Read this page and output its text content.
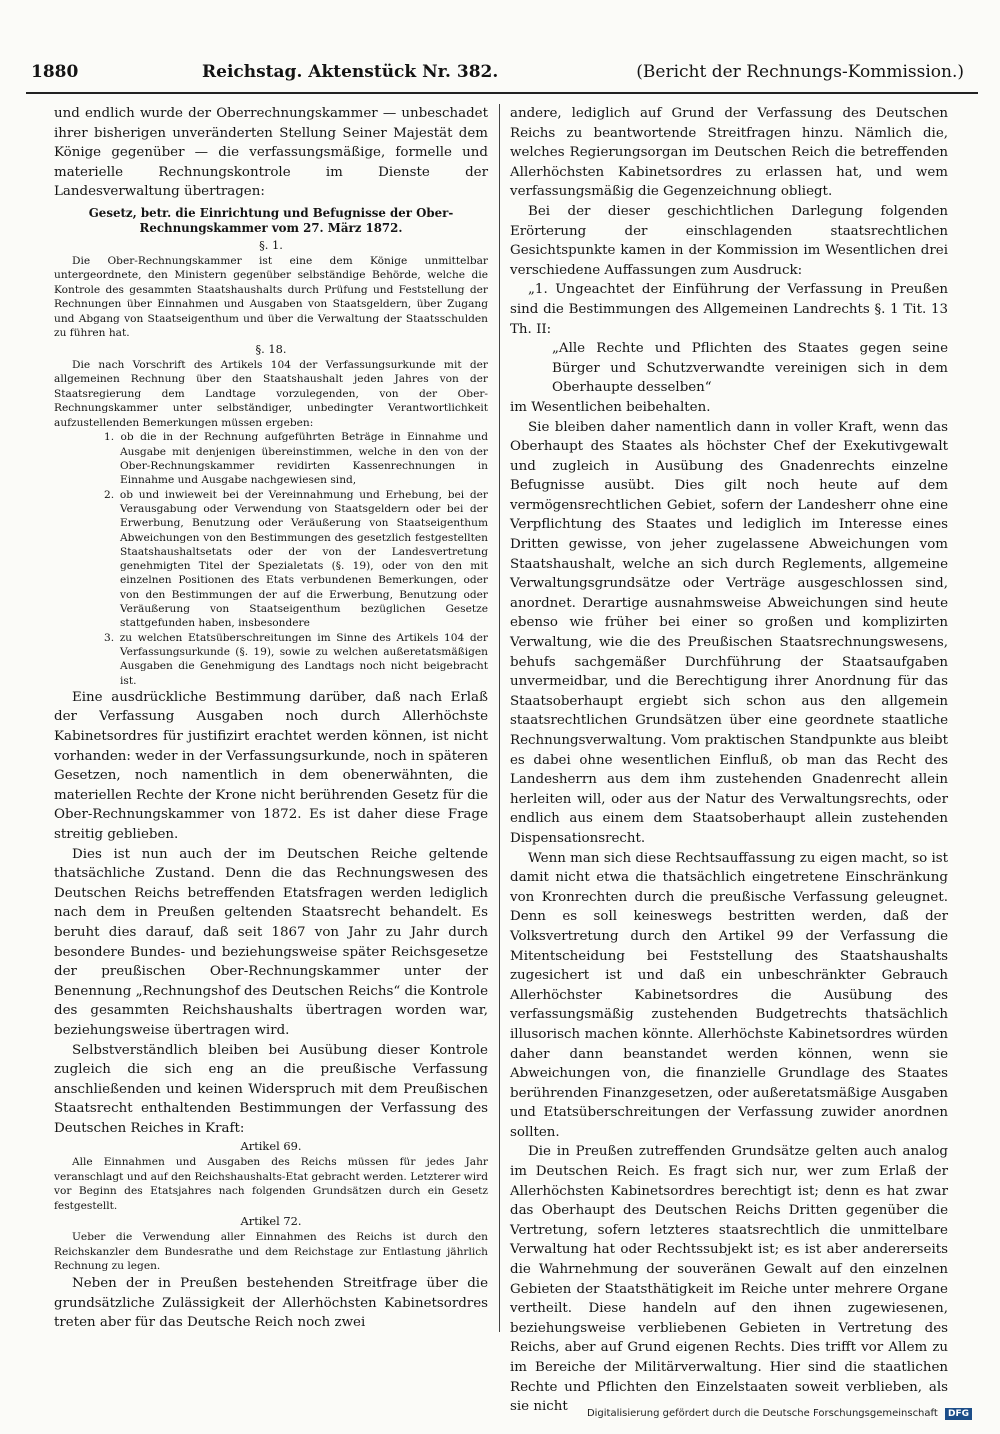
1880	Reichstag. Aktenstück Nr. 382.	(Bericht der Rechnungs-Kommission.)

und endlich wurde der Oberrechnungskammer — unbeschadet ihrer bisherigen unveränderten Stellung Seiner Majestät dem Könige gegenüber — die verfassungsmäßige, formelle und materielle Rechnungskontrole im Dienste der Landesverwaltung übertragen:

Gesetz, betr. die Einrichtung und Befugnisse der Ober-Rechnungskammer vom 27. März 1872.

§. 1.

Die Ober-Rechnungskammer ist eine dem Könige unmittelbar untergeordnete, den Ministern gegenüber selbständige Behörde, welche die Kontrole des gesammten Staatshaushalts durch Prüfung und Feststellung der Rechnungen über Einnahmen und Ausgaben von Staatsgeldern, über Zugang und Abgang von Staatseigenthum und über die Verwaltung der Staatsschulden zu führen hat.

§. 18.

Die nach Vorschrift des Artikels 104 der Verfassungsurkunde mit der allgemeinen Rechnung über den Staatshaushalt jeden Jahres von der Staatsregierung dem Landtage vorzulegenden, von der Ober-Rechnungskammer unter selbständiger, unbedingter Verantwortlichkeit aufzustellenden Bemerkungen müssen ergeben:

1. ob die in der Rechnung aufgeführten Beträge in Einnahme und Ausgabe mit denjenigen übereinstimmen, welche in den von der Ober-Rechnungskammer revidirten Kassenrechnungen in Einnahme und Ausgabe nachgewiesen sind,
2. ob und inwieweit bei der Vereinnahmung und Erhebung, bei der Verausgabung oder Verwendung von Staatsgeldern oder bei der Erwerbung, Benutzung oder Veräußerung von Staatseigenthum Abweichungen von den Bestimmungen des gesetzlich festgestellten Staatshaushaltsetats oder der von der Landesvertretung genehmigten Titel der Spezialetats (§. 19), oder von den mit einzelnen Positionen des Etats verbundenen Bemerkungen, oder von den Bestimmungen der auf die Erwerbung, Benutzung oder Veräußerung von Staatseigenthum bezüglichen Gesetze stattgefunden haben, insbesondere
3. zu welchen Etatsüberschreitungen im Sinne des Artikels 104 der Verfassungsurkunde (§. 19), sowie zu welchen außeretatsmäßigen Ausgaben die Genehmigung des Landtags noch nicht beigebracht ist.

Eine ausdrückliche Bestimmung darüber, daß nach Erlaß der Verfassung Ausgaben noch durch Allerhöchste Kabinetsordres für justifizirt erachtet werden können, ist nicht vorhanden: weder in der Verfassungsurkunde, noch in späteren Gesetzen, noch namentlich in dem obenerwähnten, die materiellen Rechte der Krone nicht berührenden Gesetz für die Ober-Rechnungskammer von 1872. Es ist daher diese Frage streitig geblieben.

Dies ist nun auch der im Deutschen Reiche geltende thatsächliche Zustand. Denn die das Rechnungswesen des Deutschen Reichs betreffenden Etatsfragen werden lediglich nach dem in Preußen geltenden Staatsrecht behandelt. Es beruht dies darauf, daß seit 1867 von Jahr zu Jahr durch besondere Bundes- und beziehungsweise später Reichsgesetze der preußischen Ober-Rechnungskammer unter der Benennung „Rechnungshof des Deutschen Reichs“ die Kontrole des gesammten Reichshaushalts übertragen worden war, beziehungsweise übertragen wird.

Selbstverständlich bleiben bei Ausübung dieser Kontrole zugleich die sich eng an die preußische Verfassung anschließenden und keinen Widerspruch mit dem Preußischen Staatsrecht enthaltenden Bestimmungen der Verfassung des Deutschen Reiches in Kraft:

Artikel 69.

Alle Einnahmen und Ausgaben des Reichs müssen für jedes Jahr veranschlagt und auf den Reichshaushalts-Etat gebracht werden. Letzterer wird vor Beginn des Etatsjahres nach folgenden Grundsätzen durch ein Gesetz festgestellt.

Artikel 72.

Ueber die Verwendung aller Einnahmen des Reichs ist durch den Reichskanzler dem Bundesrathe und dem Reichstage zur Entlastung jährlich Rechnung zu legen.

Neben der in Preußen bestehenden Streitfrage über die grundsätzliche Zulässigkeit der Allerhöchsten Kabinetsordres treten aber für das Deutsche Reich noch zwei

andere, lediglich auf Grund der Verfassung des Deutschen Reichs zu beantwortende Streitfragen hinzu. Nämlich die, welches Regierungsorgan im Deutschen Reich die betreffenden Allerhöchsten Kabinetsordres zu erlassen hat, und wem verfassungsmäßig die Gegenzeichnung obliegt.

Bei der dieser geschichtlichen Darlegung folgenden Erörterung der einschlagenden staatsrechtlichen Gesichtspunkte kamen in der Kommission im Wesentlichen drei verschiedene Auffassungen zum Ausdruck:

„1. Ungeachtet der Einführung der Verfassung in Preußen sind die Bestimmungen des Allgemeinen Landrechts §. 1 Tit. 13 Th. II:

„Alle Rechte und Pflichten des Staates gegen seine Bürger und Schutzverwandte vereinigen sich in dem Oberhaupte desselben“

im Wesentlichen beibehalten.

Sie bleiben daher namentlich dann in voller Kraft, wenn das Oberhaupt des Staates als höchster Chef der Exekutivgewalt und zugleich in Ausübung des Gnadenrechts einzelne Befugnisse ausübt. Dies gilt noch heute auf dem vermögensrechtlichen Gebiet, sofern der Landesherr ohne eine Verpflichtung des Staates und lediglich im Interesse eines Dritten gewisse, von jeher zugelassene Abweichungen vom Staatshaushalt, welche an sich durch Reglements, allgemeine Verwaltungsgrundsätze oder Verträge ausgeschlossen sind, anordnet. Derartige ausnahmsweise Abweichungen sind heute ebenso wie früher bei einer so großen und komplizirten Verwaltung, wie die des Preußischen Staatsrechnungswesens, behufs sachgemäßer Durchführung der Staatsaufgaben unvermeidbar, und die Berechtigung ihrer Anordnung für das Staatsoberhaupt ergiebt sich schon aus den allgemein staatsrechtlichen Grundsätzen über eine geordnete staatliche Rechnungsverwaltung. Vom praktischen Standpunkte aus bleibt es dabei ohne wesentlichen Einfluß, ob man das Recht des Landesherrn aus dem ihm zustehenden Gnadenrecht allein herleiten will, oder aus der Natur des Verwaltungsrechts, oder endlich aus einem dem Staatsoberhaupt allein zustehenden Dispensationsrecht.

Wenn man sich diese Rechtsauffassung zu eigen macht, so ist damit nicht etwa die thatsächlich eingetretene Einschränkung von Kronrechten durch die preußische Verfassung geleugnet. Denn es soll keineswegs bestritten werden, daß der Volksvertretung durch den Artikel 99 der Verfassung die Mitentscheidung bei Feststellung des Staatshaushalts zugesichert ist und daß ein unbeschränkter Gebrauch Allerhöchster Kabinetsordres die Ausübung des verfassungsmäßig zustehenden Budgetrechts thatsächlich illusorisch machen könnte. Allerhöchste Kabinetsordres würden daher dann beanstandet werden können, wenn sie Abweichungen von, die finanzielle Grundlage des Staates berührenden Finanzgesetzen, oder außeretatsmäßige Ausgaben und Etatsüberschreitungen der Verfassung zuwider anordnen sollten.

Die in Preußen zutreffenden Grundsätze gelten auch analog im Deutschen Reich. Es fragt sich nur, wer zum Erlaß der Allerhöchsten Kabinetsordres berechtigt ist; denn es hat zwar das Oberhaupt des Deutschen Reichs Dritten gegenüber die Vertretung, sofern letzteres staatsrechtlich die unmittelbare Verwaltung hat oder Rechtssubjekt ist; es ist aber andererseits die Wahrnehmung der souveränen Gewalt auf den einzelnen Gebieten der Staatsthätigkeit im Reiche unter mehrere Organe vertheilt. Diese handeln auf den ihnen zugewiesenen, beziehungsweise verbliebenen Gebieten in Vertretung des Reichs, aber auf Grund eigenen Rechts. Dies trifft vor Allem zu im Bereiche der Militärverwaltung. Hier sind die staatlichen Rechte und Pflichten den Einzelstaaten soweit verblieben, als sie nicht	Digitalisierung gefördert durch die Deutsche Forschungsgemeinschaft DFG
